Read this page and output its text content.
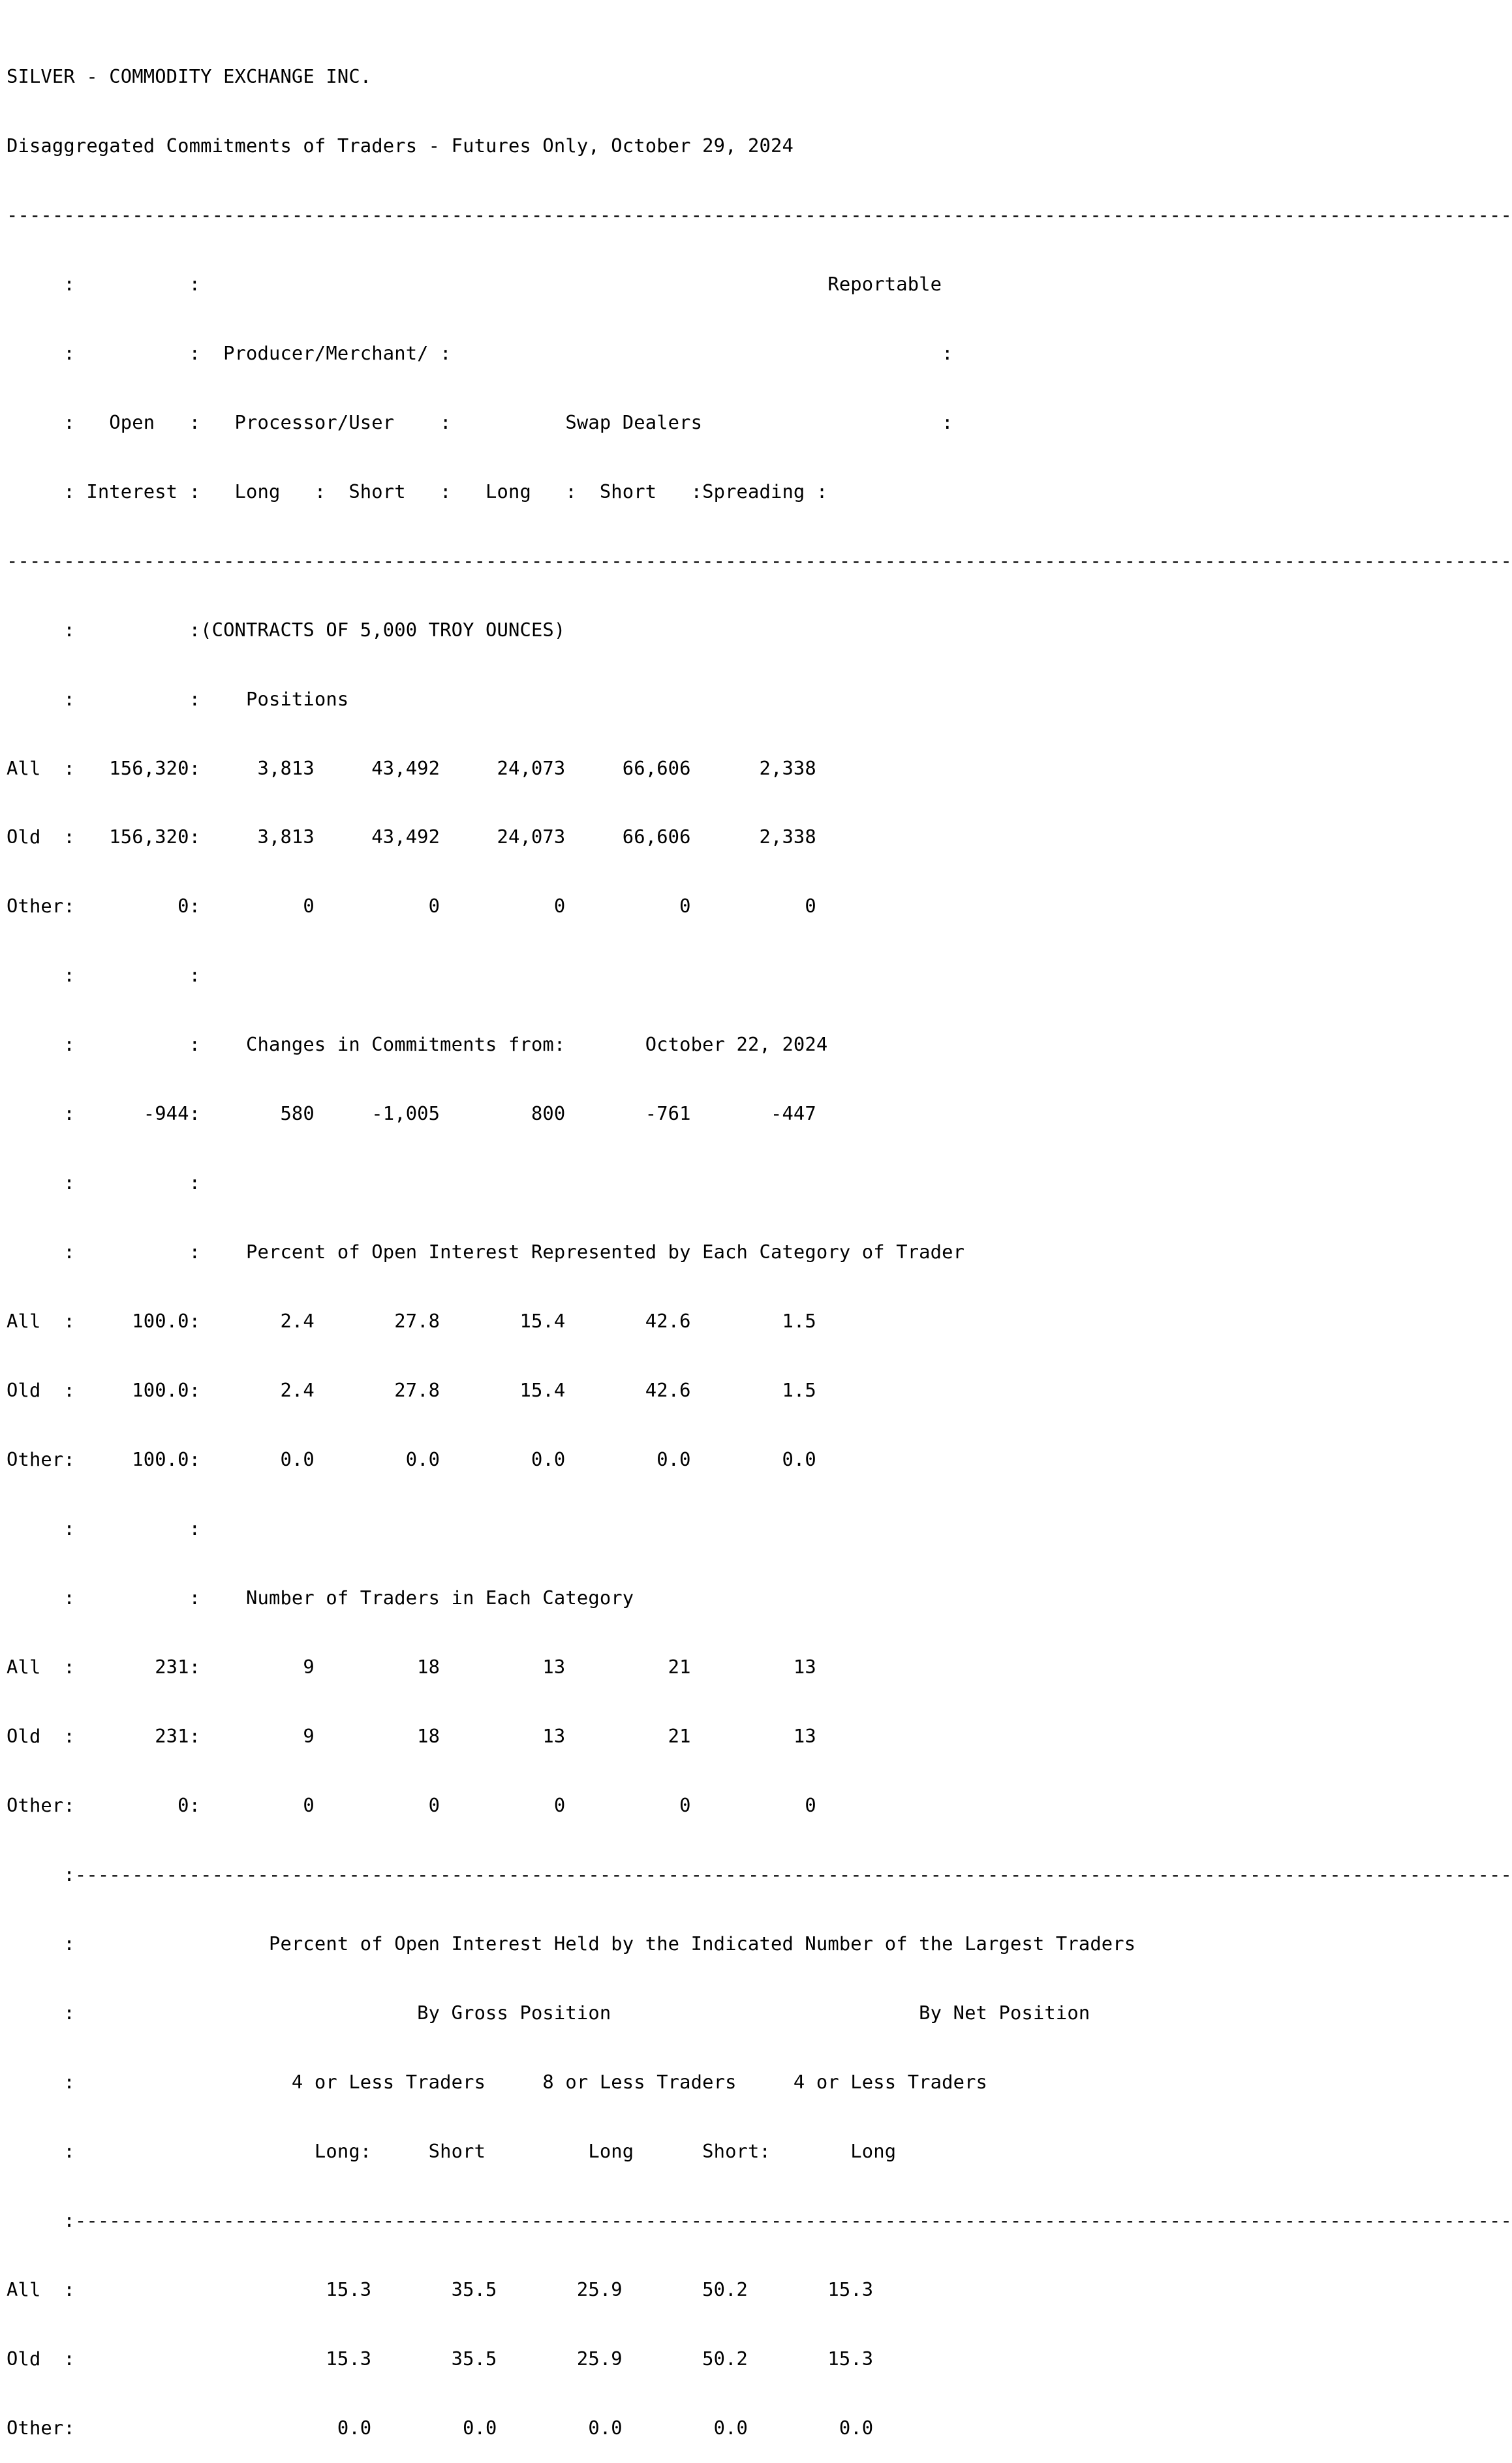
SILVER - COMMODITY EXCHANGE INC.

Disaggregated Commitments of Traders - Futures Only, October 29, 2024

------------------------------------------------------------------------------------------------------------------------------------

:          :                                                       Reportable

:          :  Producer/Merchant/ :                                           :

:   Open   :   Processor/User    :          Swap Dealers                     :

: Interest :   Long   :  Short   :   Long   :  Short   :Spreading :

------------------------------------------------------------------------------------------------------------------------------------

:          :(CONTRACTS OF 5,000 TROY OUNCES)

:          :    Positions

All  :   156,320:     3,813     43,492     24,073     66,606      2,338

Old  :   156,320:     3,813     43,492     24,073     66,606      2,338

Other:         0:         0          0          0          0          0

:          :

:          :    Changes in Commitments from:       October 22, 2024

:      -944:       580     -1,005        800       -761       -447

:          :

:          :    Percent of Open Interest Represented by Each Category of Trader

All  :     100.0:       2.4       27.8       15.4       42.6        1.5

Old  :     100.0:       2.4       27.8       15.4       42.6        1.5

Other:     100.0:       0.0        0.0        0.0        0.0        0.0

:          :

:          :    Number of Traders in Each Category

All  :       231:         9         18         13         21         13

Old  :       231:         9         18         13         21         13

Other:         0:         0          0          0          0          0

:------------------------------------------------------------------------------------------------------------------------------

:                 Percent of Open Interest Held by the Indicated Number of the Largest Traders

:                              By Gross Position                           By Net Position

:                   4 or Less Traders     8 or Less Traders     4 or Less Traders

:                     Long:     Short         Long      Short:       Long

:------------------------------------------------------------------------------------------------------------------------------

All  :                      15.3       35.5       25.9       50.2       15.3

Old  :                      15.3       35.5       25.9       50.2       15.3

Other:                       0.0        0.0        0.0        0.0        0.0
